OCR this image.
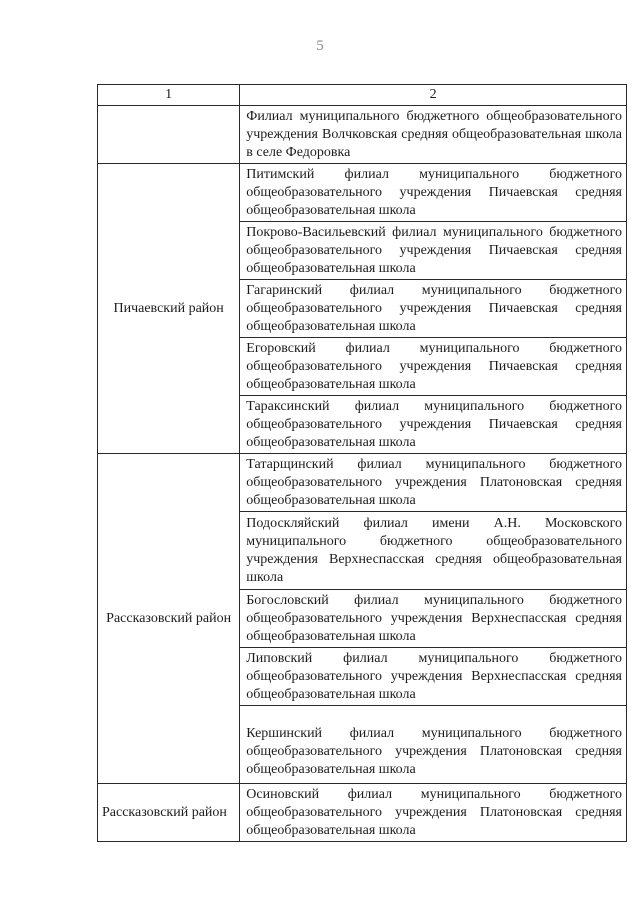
5
1	2

	Филиал муниципального бюджетного общеобразовательного учреждения Волчковская средняя общеобразовательная школа в селе Федоровка

Пичаевский район	Питимский филиал муниципального бюджетного общеобразовательного учреждения Пичаевская средняя общеобразовательная школа

	Покрово-Васильевский филиал муниципального бюджетного общеобразовательного учреждения Пичаевская средняя общеобразовательная школа

	Гагаринский филиал муниципального бюджетного общеобразовательного учреждения Пичаевская средняя общеобразовательная школа

	Егоровский филиал муниципального бюджетного общеобразовательного учреждения Пичаевская средняя общеобразовательная школа

	Тараксинский филиал муниципального бюджетного общеобразовательного учреждения Пичаевская средняя общеобразовательная школа

Рассказовский район	Татарщинский филиал муниципального бюджетного общеобразовательного учреждения Платоновская средняя общеобразовательная школа

	Подоскляйский филиал имени А.Н. Московского муниципального бюджетного общеобразовательного учреждения Верхнеспасская средняя общеобразовательная школа

	Богословский филиал муниципального бюджетного общеобразовательного учреждения Верхнеспасская средняя общеобразовательная школа

	Липовский филиал муниципального бюджетного общеобразовательного учреждения Верхнеспасская средняя общеобразовательная школа

	Кершинский филиал муниципального бюджетного общеобразовательного учреждения Платоновская средняя общеобразовательная школа

Рассказовский район	Осиновский филиал муниципального бюджетного общеобразовательного учреждения Платоновская средняя общеобразовательная школа
